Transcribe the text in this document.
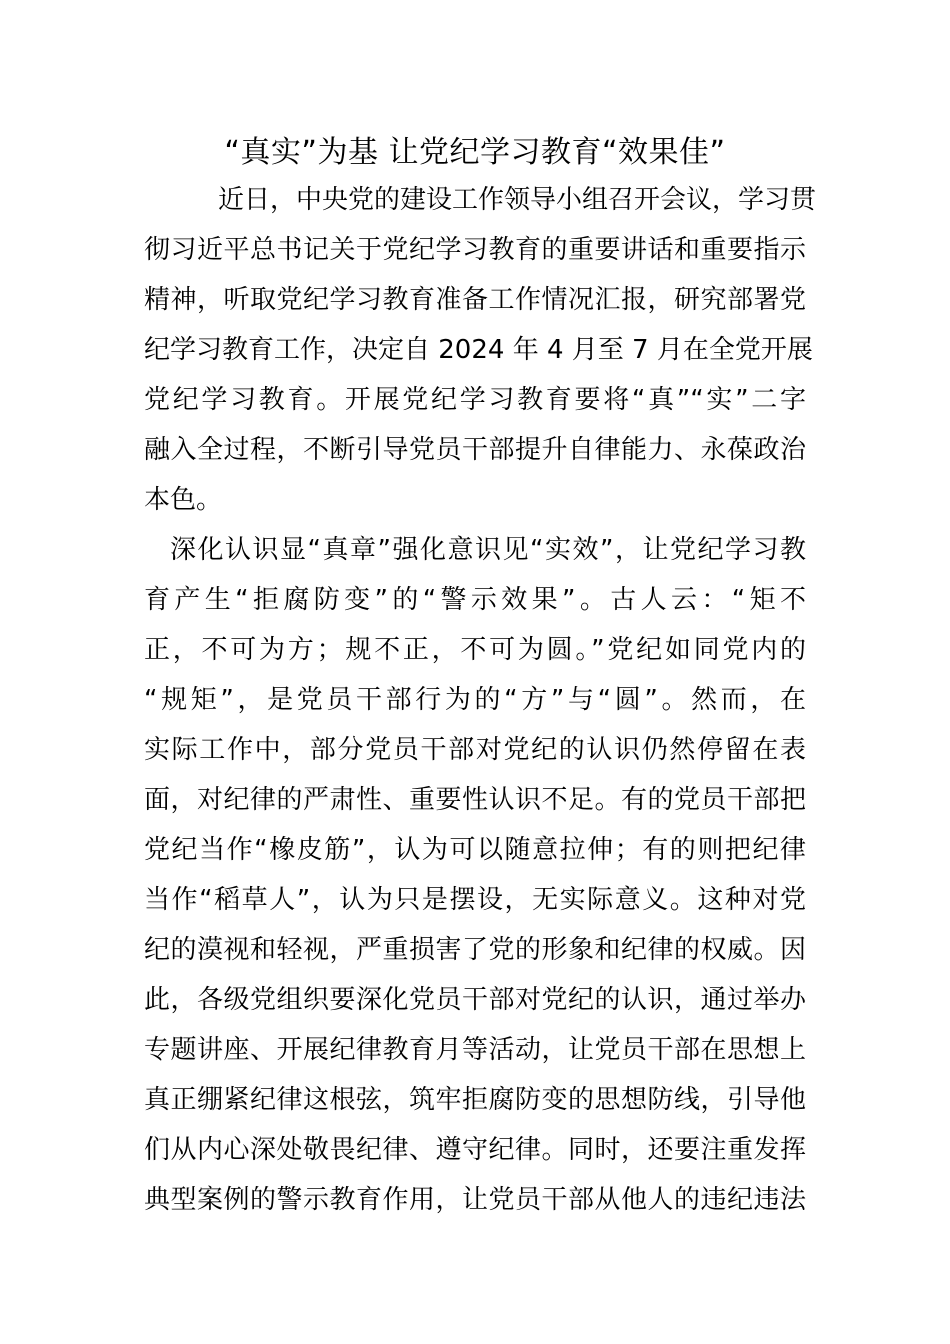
“真实”为基 让党纪学习教育“效果佳”

近日，中央党的建设工作领导小组召开会议，学习贯

彻习近平总书记关于党纪学习教育的重要讲话和重要指示

精神，听取党纪学习教育准备工作情况汇报，研究部署党

纪学习教育工作，决定自 2024 年 4 月至 7 月在全党开展

党纪学习教育。开展党纪学习教育要将“真”“实”二字

融入全过程，不断引导党员干部提升自律能力、永葆政治

本色。

深化认识显“真章”强化意识见“实效”，让党纪学习教

育产生“拒腐防变”的“警示效果”。古人云：“矩不

正，不可为方；规不正，不可为圆。”党纪如同党内的

“规矩”，是党员干部行为的“方”与“圆”。然而，在

实际工作中，部分党员干部对党纪的认识仍然停留在表

面，对纪律的严肃性、重要性认识不足。有的党员干部把

党纪当作“橡皮筋”，认为可以随意拉伸；有的则把纪律

当作“稻草人”，认为只是摆设，无实际意义。这种对党

纪的漠视和轻视，严重损害了党的形象和纪律的权威。因

此，各级党组织要深化党员干部对党纪的认识，通过举办

专题讲座、开展纪律教育月等活动，让党员干部在思想上

真正绷紧纪律这根弦，筑牢拒腐防变的思想防线，引导他

们从内心深处敬畏纪律、遵守纪律。同时，还要注重发挥

典型案例的警示教育作用，让党员干部从他人的违纪违法
